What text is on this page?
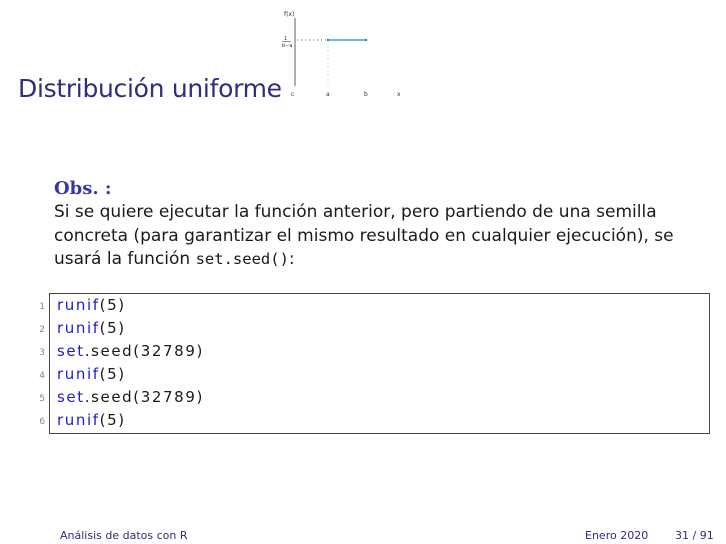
Distribución uniforme
f(x)
1
b−a
c	a	b	x
Obs. :
Si se quiere ejecutar la función anterior, pero partiendo de una semilla concreta (para garantizar el mismo resultado en cualquier ejecución), se usará la función set.seed():
1 runif(5)
2 runif(5)
3 set.seed(32789)
4 runif(5)
5 set.seed(32789)
6 runif(5)
Análisis de datos con R	Enero 2020 31 / 91
